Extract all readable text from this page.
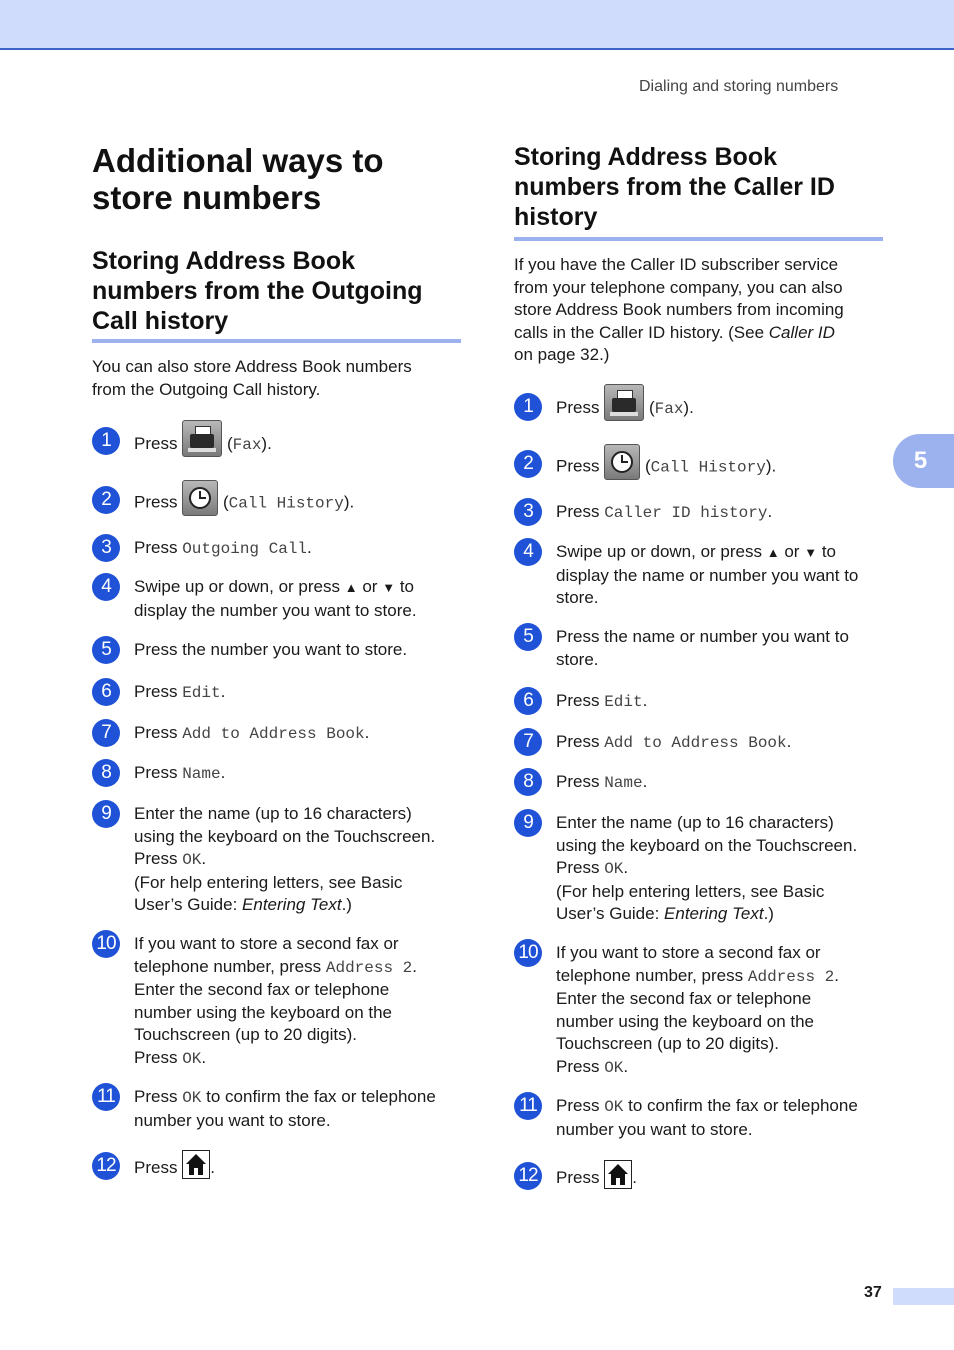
Dialing and storing numbers
5
Additional ways to
store numbers
Storing Address Book
numbers from the Outgoing
Call history
You can also store Address Book numbers
from the Outgoing Call history.
1	Press	(Fax).
2	Press	(Call History).
3	Press Outgoing Call.
4	Swipe up or down, or press ▲ or ▼ to
display the number you want to store.
5	Press the number you want to store.
6	Press Edit.
7	Press Add to Address Book.
8	Press Name.
9	Enter the name (up to 16 characters)
using the keyboard on the Touchscreen.
Press OK.
(For help entering letters, see Basic
User’s Guide: Entering Text.)
10 If you want to store a second fax or
telephone number, press Address 2.
Enter the second fax or telephone
number using the keyboard on the
Touchscreen (up to 20 digits).
Press OK.
11	Press OK to confirm the fax or telephone
number you want to store.
12 Press .
Storing Address Book
numbers from the Caller ID
history
If you have the Caller ID subscriber service
from your telephone company, you can also
store Address Book numbers from incoming
calls in the Caller ID history. (See Caller ID
on page 32.)
1	Press	(Fax).
2	Press	(Call History).
3	Press Caller ID history.
4	Swipe up or down, or press ▲ or ▼ to
display the name or number you want to
store.
5	Press the name or number you want to
store.
6	Press Edit.
7	Press Add to Address Book.
8	Press Name.
9	Enter the name (up to 16 characters)
using the keyboard on the Touchscreen.
Press OK.
(For help entering letters, see Basic
User’s Guide: Entering Text.)
10 If you want to store a second fax or
telephone number, press Address 2.
Enter the second fax or telephone
number using the keyboard on the
Touchscreen (up to 20 digits).
Press OK.
11	Press OK to confirm the fax or telephone
number you want to store.
12 Press .
37
